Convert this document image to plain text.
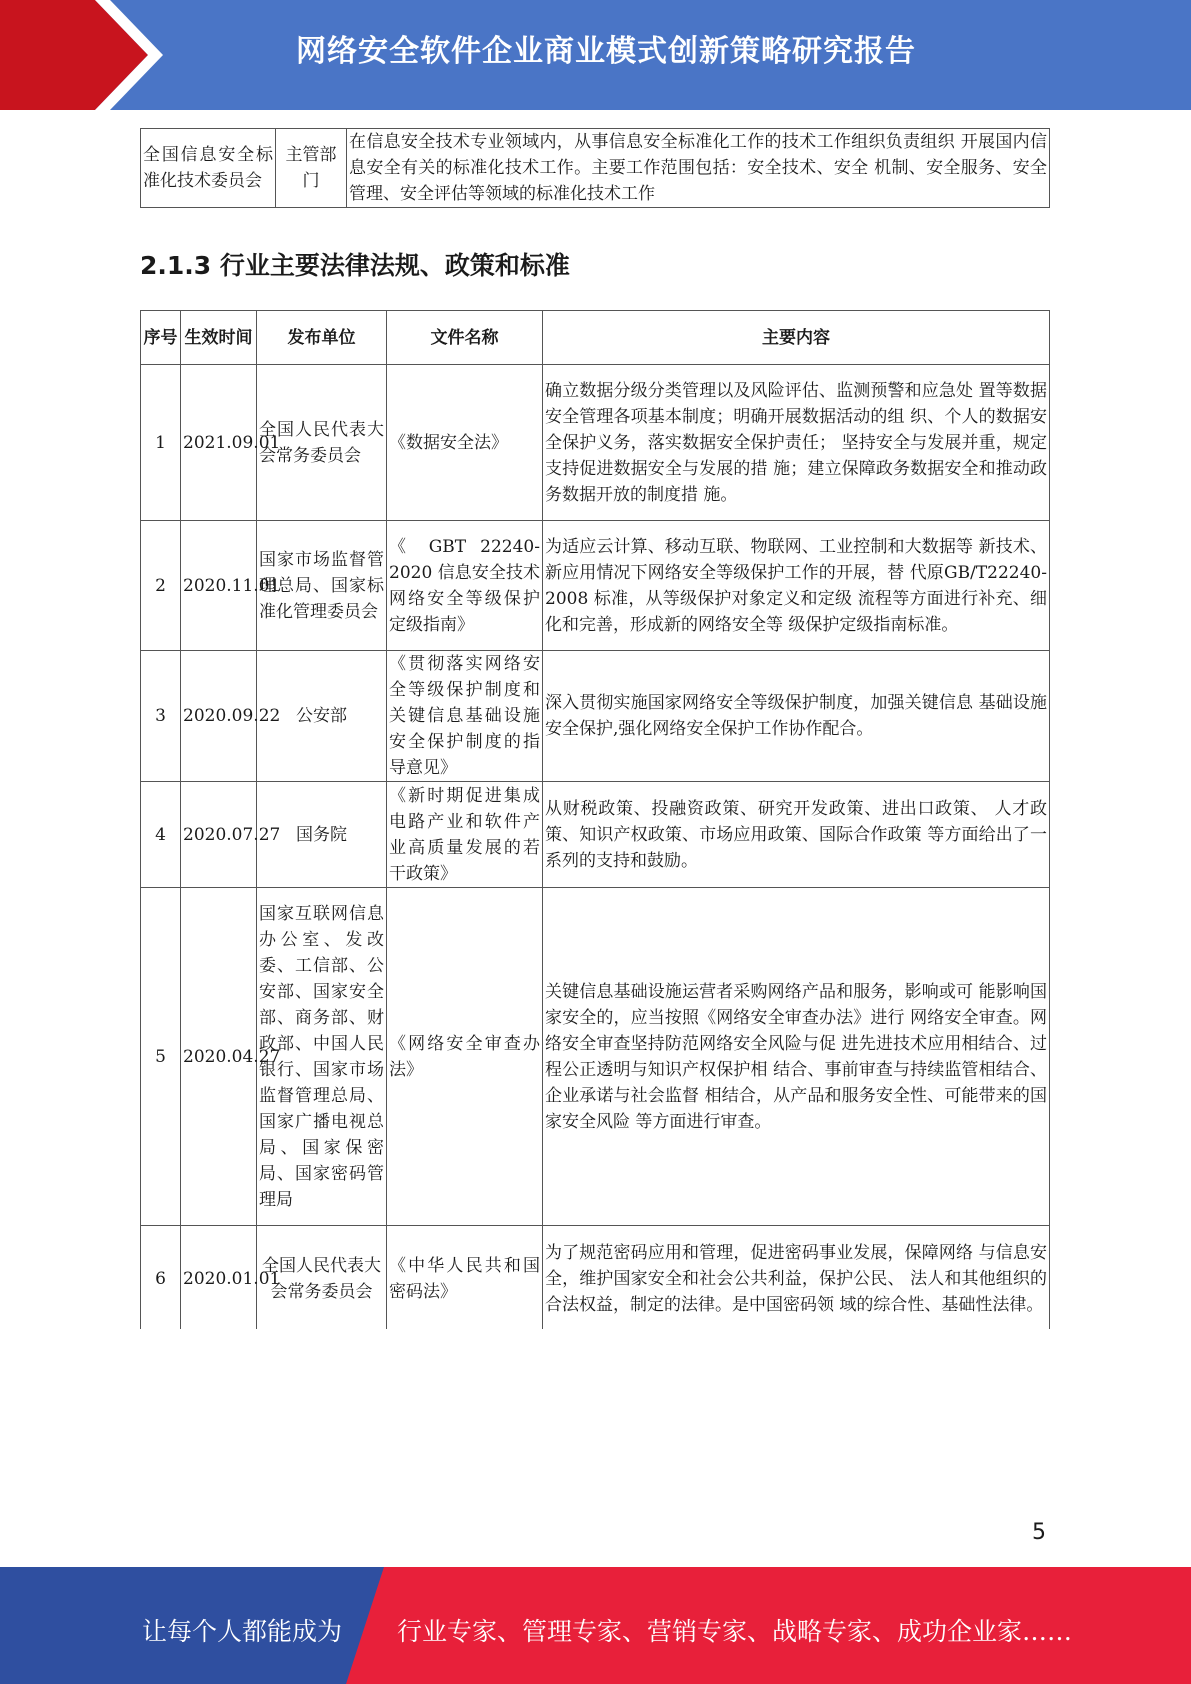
网络安全软件企业商业模式创新策略研究报告
全国信息安全标准化技术委员会	主管部门	在信息安全技术专业领域内，从事信息安全标准化工作的技术工作组织负责组织 开展国内信息安全有关的标准化技术工作。主要工作范围包括：安全技术、安全 机制、安全服务、安全管理、安全评估等领域的标准化技术工作
2.1.3 行业主要法律法规、政策和标准
序号	生效时间	发布单位	文件名称	主要内容
1	2021.09.01	全国人民代表大会常务委员会	《数据安全法》	确立数据分级分类管理以及风险评估、监测预警和应急处 置等数据安全管理各项基本制度；明确开展数据活动的组 织、个人的数据安全保护义务，落实数据安全保护责任； 坚持安全与发展并重，规定支持促进数据安全与发展的措 施；建立保障政务数据安全和推动政务数据开放的制度措 施。
2	2020.11.01	国家市场监督管理总局、国家标准化管理委员会	《 GBT 22240-2020 信息安全技术网络安全等级保护定级指南》	为适应云计算、移动互联、物联网、工业控制和大数据等 新技术、新应用情况下网络安全等级保护工作的开展，替 代原GB/T22240-2008 标准，从等级保护对象定义和定级 流程等方面进行补充、细化和完善，形成新的网络安全等 级保护定级指南标准。
3	2020.09.22	公安部	《贯彻落实网络安全等级保护制度和关键信息基础设施安全保护制度的指导意见》	深入贯彻实施国家网络安全等级保护制度，加强关键信息 基础设施安全保护,强化网络安全保护工作协作配合。
4	2020.07.27	国务院	《新时期促进集成电路产业和软件产业高质量发展的若干政策》	从财税政策、投融资政策、研究开发政策、进出口政策、 人才政策、知识产权政策、市场应用政策、国际合作政策 等方面给出了一系列的支持和鼓励。
5	2020.04.27	国家互联网信息办公室、发改委、工信部、公安部、国家安全部、商务部、财政部、中国人民银行、国家市场监督管理总局、国家广播电视总局、国家保密局、国家密码管理局	《网络安全审查办法》	关键信息基础设施运营者采购网络产品和服务，影响或可 能影响国家安全的，应当按照《网络安全审查办法》进行 网络安全审查。网络安全审查坚持防范网络安全风险与促 进先进技术应用相结合、过程公正透明与知识产权保护相 结合、事前审查与持续监管相结合、企业承诺与社会监督 相结合，从产品和服务安全性、可能带来的国家安全风险 等方面进行审查。
6	2020.01.01	全国人民代表大会常务委员会	《中华人民共和国密码法》	为了规范密码应用和管理，促进密码事业发展，保障网络 与信息安全，维护国家安全和社会公共利益，保护公民、 法人和其他组织的合法权益，制定的法律。是中国密码领 域的综合性、基础性法律。
5
让每个人都能成为 行业专家、管理专家、营销专家、战略专家、成功企业家……
